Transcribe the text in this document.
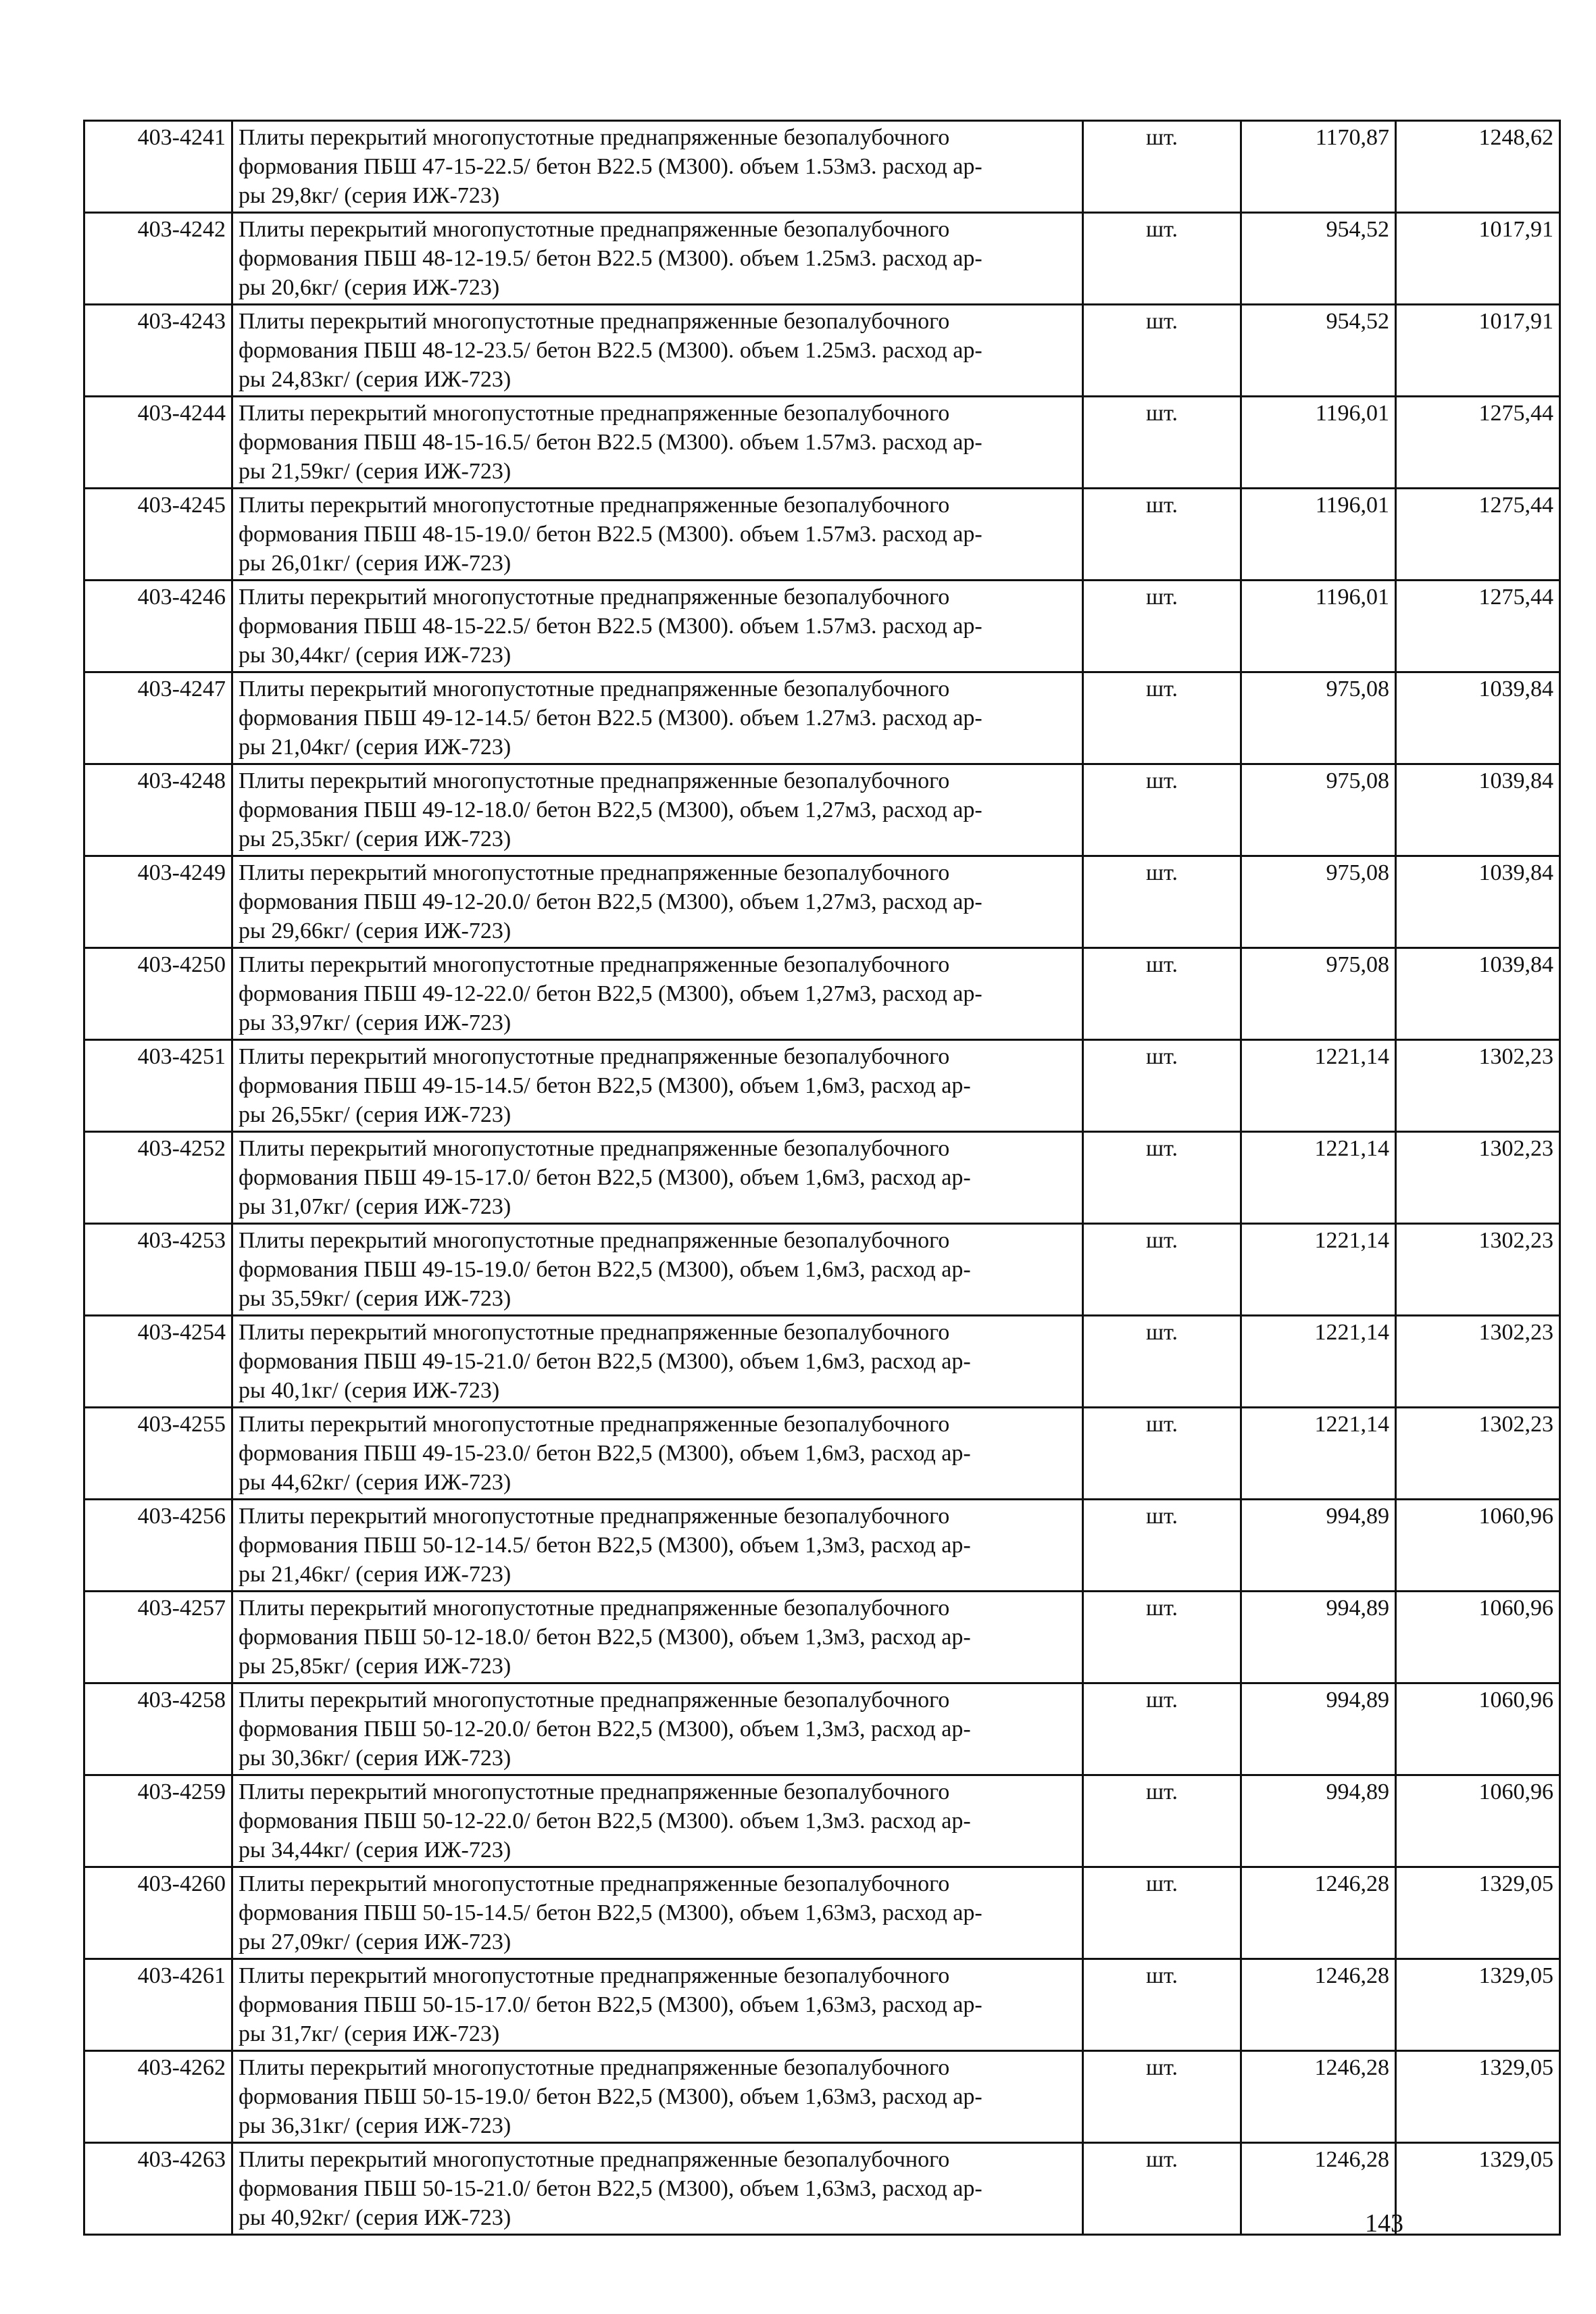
403-4241	Плиты перекрытий многопустотные преднапряженные безопалубочного
формования ПБШ 47-15-22.5/ бетон B22.5 (M300). объем 1.53м3. расход ар-
ры 29,8кг/ (серия ИЖ-723)	шт.	1170,87	1248,62
403-4242	Плиты перекрытий многопустотные преднапряженные безопалубочного
формования ПБШ 48-12-19.5/ бетон B22.5 (M300). объем 1.25м3. расход ар-
ры 20,6кг/ (серия ИЖ-723)	шт.	954,52	1017,91
403-4243	Плиты перекрытий многопустотные преднапряженные безопалубочного
формования ПБШ 48-12-23.5/ бетон B22.5 (M300). объем 1.25м3. расход ар-
ры 24,83кг/ (серия ИЖ-723)	шт.	954,52	1017,91
403-4244	Плиты перекрытий многопустотные преднапряженные безопалубочного
формования ПБШ 48-15-16.5/ бетон B22.5 (M300). объем 1.57м3. расход ар-
ры 21,59кг/ (серия ИЖ-723)	шт.	1196,01	1275,44
403-4245	Плиты перекрытий многопустотные преднапряженные безопалубочного
формования ПБШ 48-15-19.0/ бетон B22.5 (M300). объем 1.57м3. расход ар-
ры 26,01кг/ (серия ИЖ-723)	шт.	1196,01	1275,44
403-4246	Плиты перекрытий многопустотные преднапряженные безопалубочного
формования ПБШ 48-15-22.5/ бетон B22.5 (M300). объем 1.57м3. расход ар-
ры 30,44кг/ (серия ИЖ-723)	шт.	1196,01	1275,44
403-4247	Плиты перекрытий многопустотные преднапряженные безопалубочного
формования ПБШ 49-12-14.5/ бетон B22.5 (M300). объем 1.27м3. расход ар-
ры 21,04кг/ (серия ИЖ-723)	шт.	975,08	1039,84
403-4248	Плиты перекрытий многопустотные преднапряженные безопалубочного
формования ПБШ 49-12-18.0/ бетон B22,5 (M300), объем 1,27м3, расход ар-
ры 25,35кг/ (серия ИЖ-723)	шт.	975,08	1039,84
403-4249	Плиты перекрытий многопустотные преднапряженные безопалубочного
формования ПБШ 49-12-20.0/ бетон B22,5 (M300), объем 1,27м3, расход ар-
ры 29,66кг/ (серия ИЖ-723)	шт.	975,08	1039,84
403-4250	Плиты перекрытий многопустотные преднапряженные безопалубочного
формования ПБШ 49-12-22.0/ бетон B22,5 (M300), объем 1,27м3, расход ар-
ры 33,97кг/ (серия ИЖ-723)	шт.	975,08	1039,84
403-4251	Плиты перекрытий многопустотные преднапряженные безопалубочного
формования ПБШ 49-15-14.5/ бетон B22,5 (M300), объем 1,6м3, расход ар-
ры 26,55кг/ (серия ИЖ-723)	шт.	1221,14	1302,23
403-4252	Плиты перекрытий многопустотные преднапряженные безопалубочного
формования ПБШ 49-15-17.0/ бетон B22,5 (M300), объем 1,6м3, расход ар-
ры 31,07кг/ (серия ИЖ-723)	шт.	1221,14	1302,23
403-4253	Плиты перекрытий многопустотные преднапряженные безопалубочного
формования ПБШ 49-15-19.0/ бетон B22,5 (M300), объем 1,6м3, расход ар-
ры 35,59кг/ (серия ИЖ-723)	шт.	1221,14	1302,23
403-4254	Плиты перекрытий многопустотные преднапряженные безопалубочного
формования ПБШ 49-15-21.0/ бетон B22,5 (M300), объем 1,6м3, расход ар-
ры 40,1кг/ (серия ИЖ-723)	шт.	1221,14	1302,23
403-4255	Плиты перекрытий многопустотные преднапряженные безопалубочного
формования ПБШ 49-15-23.0/ бетон B22,5 (M300), объем 1,6м3, расход ар-
ры 44,62кг/ (серия ИЖ-723)	шт.	1221,14	1302,23
403-4256	Плиты перекрытий многопустотные преднапряженные безопалубочного
формования ПБШ 50-12-14.5/ бетон B22,5 (M300), объем 1,3м3, расход ар-
ры 21,46кг/ (серия ИЖ-723)	шт.	994,89	1060,96
403-4257	Плиты перекрытий многопустотные преднапряженные безопалубочного
формования ПБШ 50-12-18.0/ бетон B22,5 (M300), объем 1,3м3, расход ар-
ры 25,85кг/ (серия ИЖ-723)	шт.	994,89	1060,96
403-4258	Плиты перекрытий многопустотные преднапряженные безопалубочного
формования ПБШ 50-12-20.0/ бетон B22,5 (M300), объем 1,3м3, расход ар-
ры 30,36кг/ (серия ИЖ-723)	шт.	994,89	1060,96
403-4259	Плиты перекрытий многопустотные преднапряженные безопалубочного
формования ПБШ 50-12-22.0/ бетон B22,5 (M300). объем 1,3м3. расход ар-
ры 34,44кг/ (серия ИЖ-723)	шт.	994,89	1060,96
403-4260	Плиты перекрытий многопустотные преднапряженные безопалубочного
формования ПБШ 50-15-14.5/ бетон B22,5 (M300), объем 1,63м3, расход ар-
ры 27,09кг/ (серия ИЖ-723)	шт.	1246,28	1329,05
403-4261	Плиты перекрытий многопустотные преднапряженные безопалубочного
формования ПБШ 50-15-17.0/ бетон B22,5 (M300), объем 1,63м3, расход ар-
ры 31,7кг/ (серия ИЖ-723)	шт.	1246,28	1329,05
403-4262	Плиты перекрытий многопустотные преднапряженные безопалубочного
формования ПБШ 50-15-19.0/ бетон B22,5 (M300), объем 1,63м3, расход ар-
ры 36,31кг/ (серия ИЖ-723)	шт.	1246,28	1329,05
403-4263	Плиты перекрытий многопустотные преднапряженные безопалубочного
формования ПБШ 50-15-21.0/ бетон B22,5 (M300), объем 1,63м3, расход ар-
ры 40,92кг/ (серия ИЖ-723)	шт.	1246,28	1329,05
143
